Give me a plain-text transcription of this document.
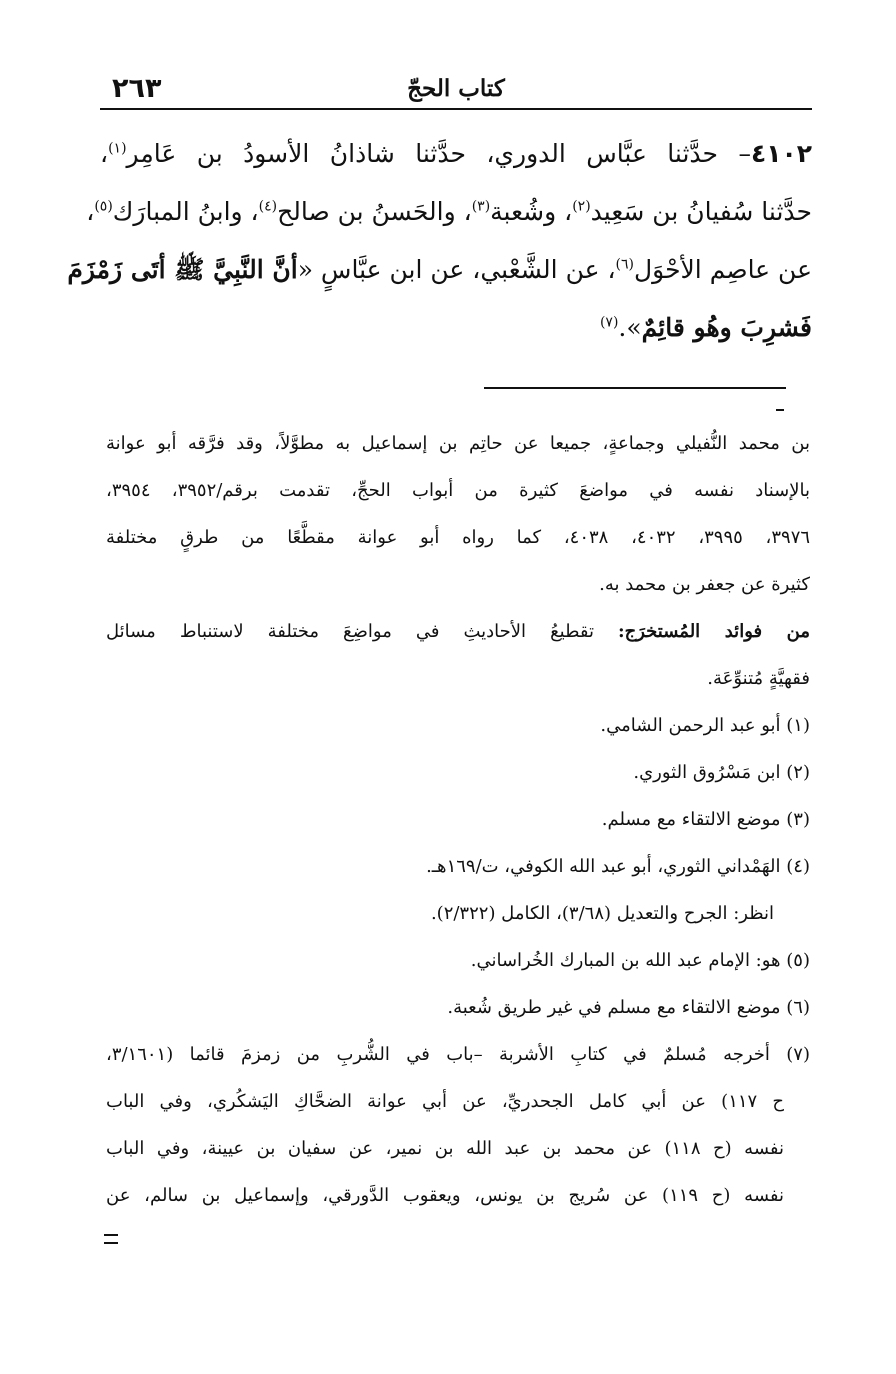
٢٦٣	كتاب الحجّ
٤١٠٢– حدَّثنا عبَّاس الدوري، حدَّثنا شاذانُ الأسودُ بن عَامِر$^{(١)}$،
حدَّثنا سُفيانُ بن سَعِيد$^{(٢)}$، وشُعبة$^{(٣)}$، والحَسنُ بن صالح$^{(٤)}$، وابنُ المبارَك$^{(٥)}$،
عن عاصِم الأحْوَل$^{(٦)}$، عن الشَّعْبي، عن ابن عبَّاسٍ «أنَّ النَّبِيَّ ﷺ أتَى زَمْزَمَ
فَشرِبَ وهُو قائِمٌ».$^{(٧)}$
بن محمد النُّفيلي وجماعةٍ، جميعا عن حاتِم بن إسماعيل به مطوَّلاً، وقد فرَّقه أبو عوانة
بالإسناد نفسه في مواضعَ كثيرة من أبواب الحجِّ، تقدمت برقم/٣٩٥٢، ٣٩٥٤،
٣٩٧٦، ٣٩٩٥، ٤٠٣٢، ٤٠٣٨، كما رواه أبو عوانة مقطَّعًا من طرقٍ مختلفة
كثيرة عن جعفر بن محمد به.
من فوائد المُستخرَج: تقطيعُ الأحاديثِ في مواضِعَ مختلفة لاستنباط مسائل
فقهيَّةٍ مُتنوِّعَة.
(١) أبو عبد الرحمن الشامي.
(٢) ابن مَسْرُوق الثوري.
(٣) موضع الالتقاء مع مسلم.
(٤) الهَمْداني الثوري، أبو عبد الله الكوفي، ت/١٦٩هـ.
انظر: الجرح والتعديل (٣/٦٨)، الكامل (٢/٣٢٢).
(٥) هو: الإمام عبد الله بن المبارك الخُراساني.
(٦) موضع الالتقاء مع مسلم في غير طريق شُعبة.
(٧) أخرجه مُسلمٌ في كتابِ الأشربة –باب في الشُّربِ من زمزمَ قائما (٣/١٦٠١،
ح ١١٧) عن أبي كامل الجحدريِّ، عن أبي عوانة الضحَّاكِ اليَشكُري، وفي الباب
نفسه (ح ١١٨) عن محمد بن عبد الله بن نمير، عن سفيان بن عيينة، وفي الباب
نفسه (ح ١١٩) عن سُريج بن يونس، ويعقوب الدَّورقي، وإسماعيل بن سالم، عن
